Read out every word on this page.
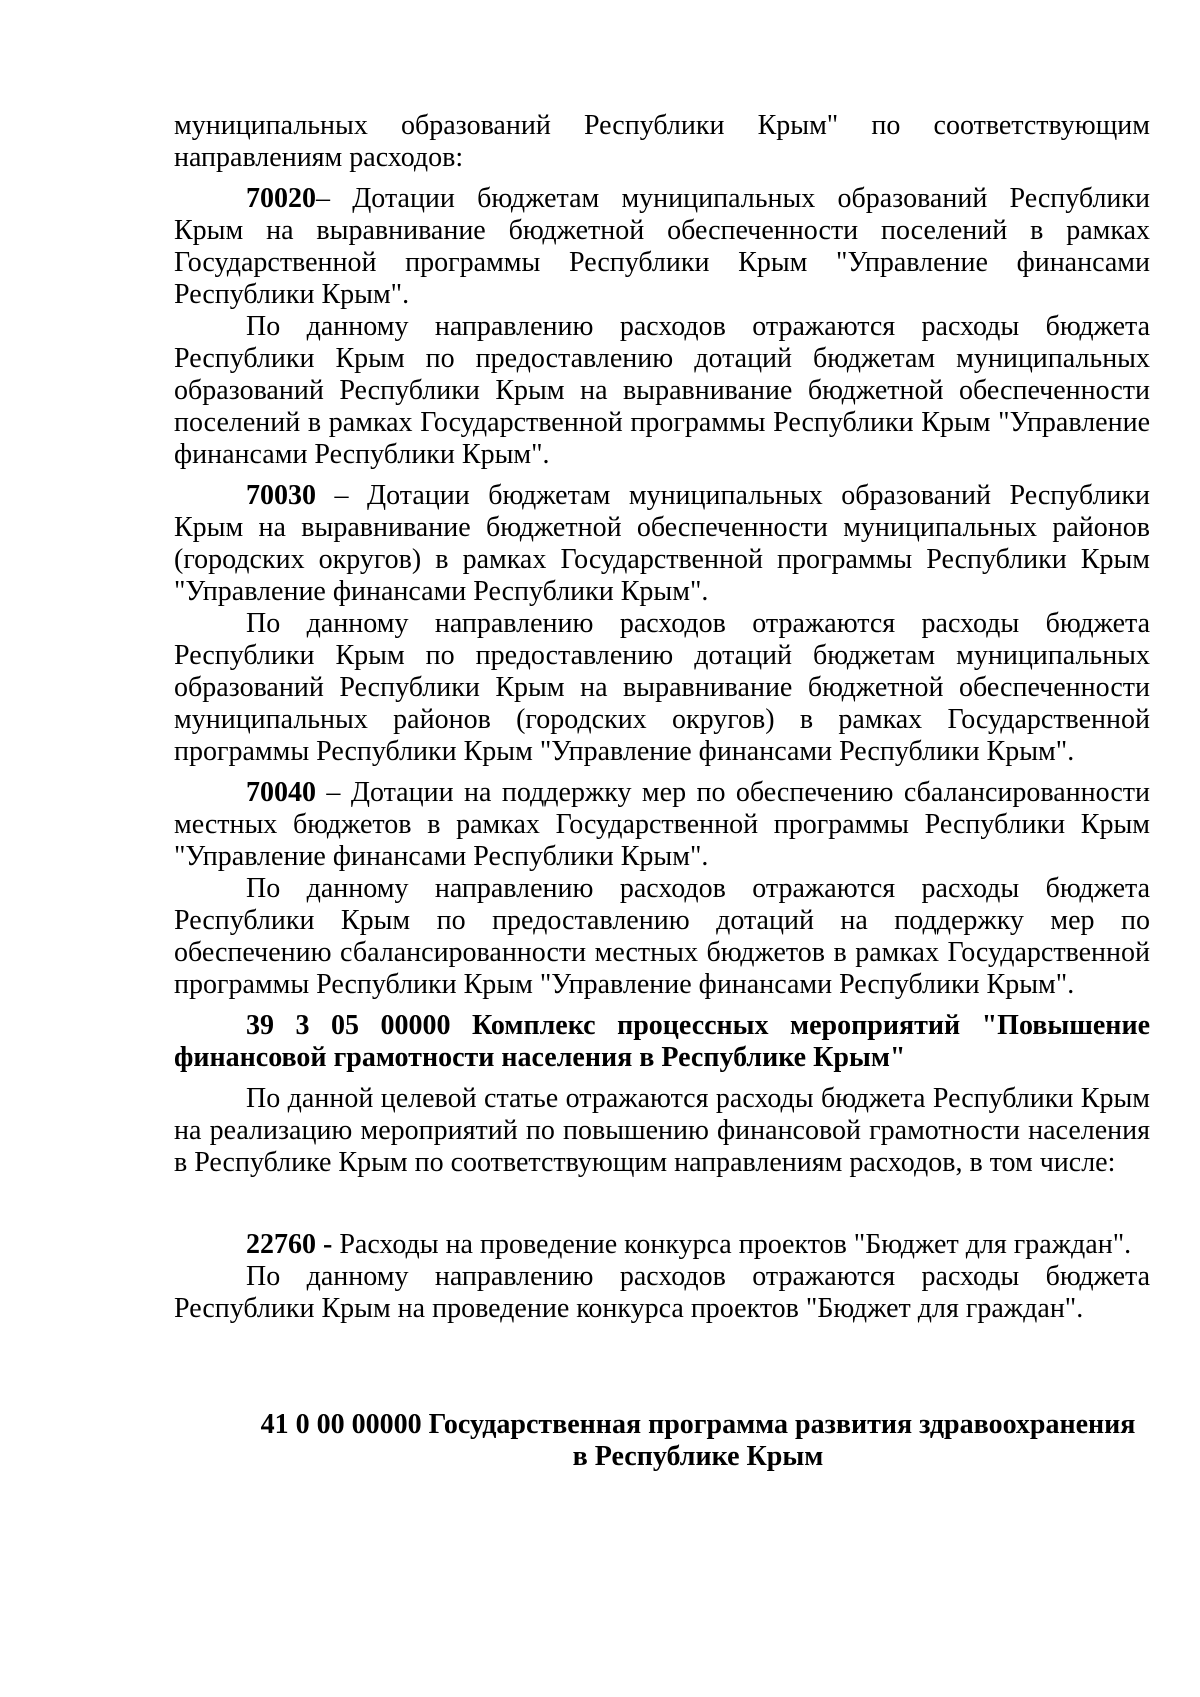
муниципальных образований Республики Крым" по соответствующим направлениям расходов:

70020– Дотации бюджетам муниципальных образований Республики Крым на выравнивание бюджетной обеспеченности поселений в рамках Государственной программы Республики Крым "Управление финансами Республики Крым".

По данному направлению расходов отражаются расходы бюджета Республики Крым по предоставлению дотаций бюджетам муниципальных образований Республики Крым на выравнивание бюджетной обеспеченности поселений в рамках Государственной программы Республики Крым "Управление финансами Республики Крым".

70030 – Дотации бюджетам муниципальных образований Республики Крым на выравнивание бюджетной обеспеченности муниципальных районов (городских округов) в рамках Государственной программы Республики Крым "Управление финансами Республики Крым".

По данному направлению расходов отражаются расходы бюджета Республики Крым по предоставлению дотаций бюджетам муниципальных образований Республики Крым на выравнивание бюджетной обеспеченности муниципальных районов (городских округов) в рамках Государственной программы Республики Крым "Управление финансами Республики Крым".

70040 – Дотации на поддержку мер по обеспечению сбалансированности местных бюджетов в рамках Государственной программы Республики Крым "Управление финансами Республики Крым".

По данному направлению расходов отражаются расходы бюджета Республики Крым по предоставлению дотаций на поддержку мер по обеспечению сбалансированности местных бюджетов в рамках Государственной программы Республики Крым "Управление финансами Республики Крым".

39 3 05 00000 Комплекс процессных мероприятий "Повышение финансовой грамотности населения в Республике Крым"

По данной целевой статье отражаются расходы бюджета Республики Крым на реализацию мероприятий по повышению финансовой грамотности населения в Республике Крым по соответствующим направлениям расходов, в том числе:

22760 - Расходы на проведение конкурса проектов "Бюджет для граждан".

По данному направлению расходов отражаются расходы бюджета Республики Крым на проведение конкурса проектов "Бюджет для граждан".

41 0 00 00000 Государственная программа развития здравоохранения

в Республике Крым
